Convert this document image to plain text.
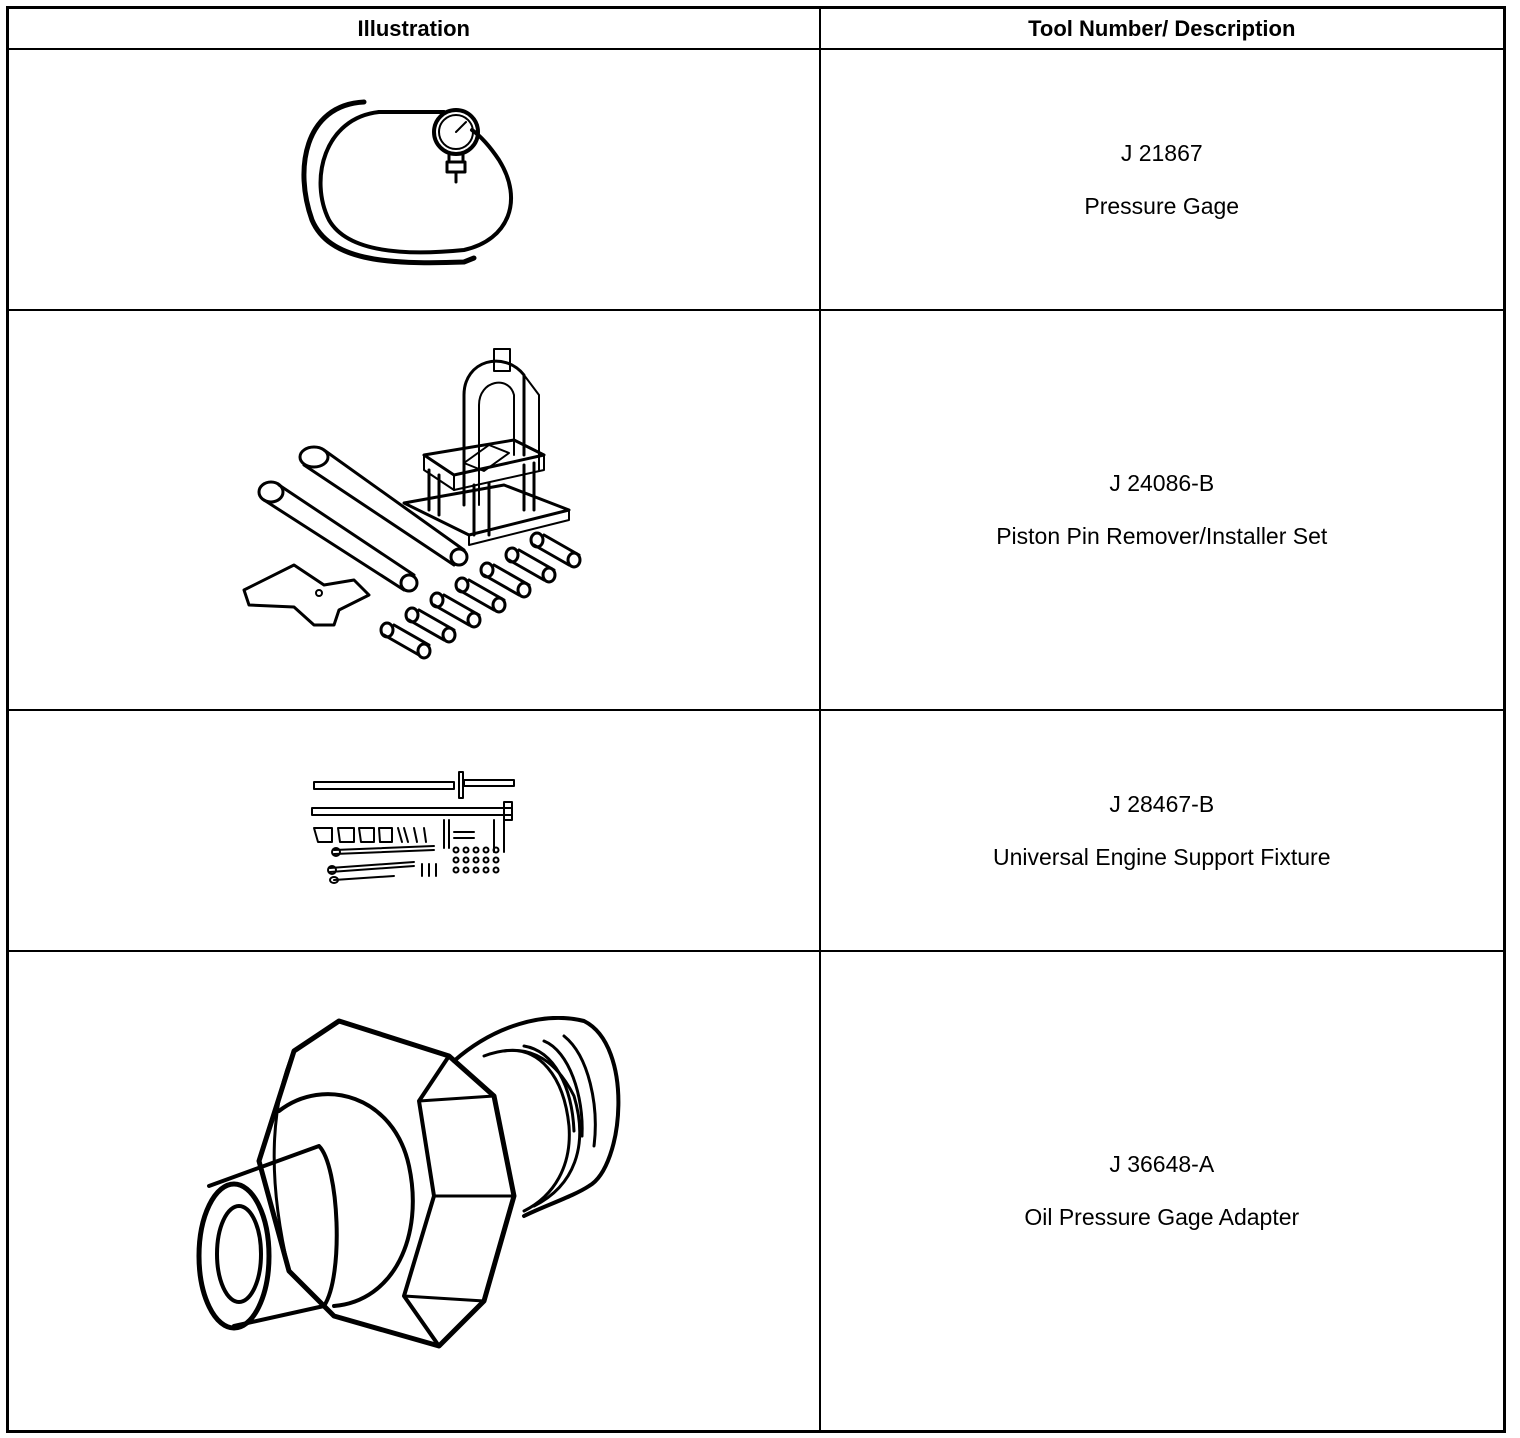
Illustration	Tool Number/ Description

J 21867

Pressure Gage

J 24086-B

Piston Pin Remover/Installer Set

J 28467-B

Universal Engine Support Fixture

J 36648-A

Oil Pressure Gage Adapter
